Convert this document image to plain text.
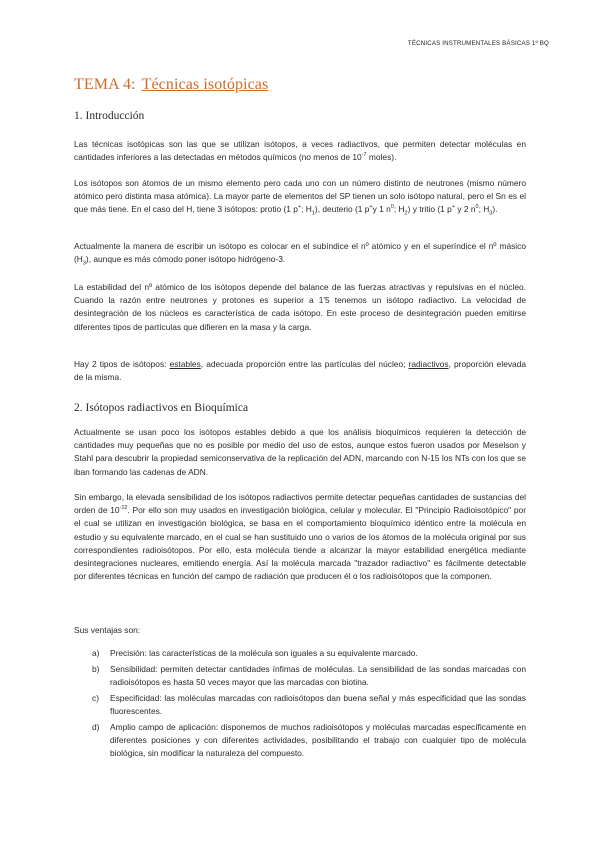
TÉCNICAS INSTRUMENTALES BÁSICAS 1º BQ
TEMA 4: Técnicas isotópicas
1. Introducción

Las técnicas isotópicas son las que se utilizan isótopos, a veces radiactivos, que permiten detectar moléculas en cantidades inferiores a las detectadas en métodos químicos (no menos de $10^{-7}$ moles).

Los isótopos son átomos de un mismo elemento pero cada uno con un número distinto de neutrones (mismo número atómico pero distinta masa atómica). La mayor parte de elementos del SP tienen un solo isótopo natural, pero el Sn es el que más tiene. En el caso del H, tiene 3 isótopos: protio (1 p+; $H_1$), deuterio (1 p+y 1 $n^0$; $H_2$) y tritio (1 p+ y 2 $n^0$; $H_3$).

Actualmente la manera de escribir un isótopo es colocar en el subíndice el nº atómico y en el superíndice el nº másico $(H_3)$, aunque es más cómodo poner isótopo hidrógeno-3.

La estabilidad del nº atómico de los isótopos depende del balance de las fuerzas atractivas y repulsivas en el núcleo. Cuando la razón entre neutrones y protones es superior a 1'5 tenemos un isótopo radiactivo. La velocidad de desintegración de los núcleos es característica de cada isótopo. En este proceso de desintegración pueden emitirse diferentes tipos de partículas que difieren en la masa y la carga.

Hay 2 tipos de isótopos: estables, adecuada proporción entre las partículas del núcleo; radiactivos, proporción elevada de la misma.

2. Isótopos radiactivos en Bioquímica

Actualmente se usan poco los isótopos estables debido a que los análisis bioquímicos requieren la detección de cantidades muy pequeñas que no es posible por medio del uso de estos, aunque estos fueron usados por Meselson y Stahl para descubrir la propiedad semiconservativa de la replicación del ADN, marcando con N-15 los NTs con los que se iban formando las cadenas de ADN.

Sin embargo, la elevada sensibilidad de los isótopos radiactivos permite detectar pequeñas cantidades de sustancias del orden de $10^{-12}$. Por ello son muy usados en investigación biológica, celular y molecular. El "Principio Radioisotópico" por el cual se utilizan en investigación biológica, se basa en el comportamiento bioquímico idéntico entre la molécula en estudio y su equivalente marcado, en el cual se han sustituido uno o varios de los átomos de la molécula original por sus correspondientes radioisótopos. Por ello, esta molécula tiende a alcanzar la mayor estabilidad energética mediante desintegraciones nucleares, emitiendo energía. Así la molécula marcada "trazador radiactivo" es fácilmente detectable por diferentes técnicas en función del campo de radiación que producen él o los radioisótopos que la componen.

Sus ventajas son:

a) Precisión: las características de la molécula son iguales a su equivalente marcado.
b) Sensibilidad: permiten detectar cantidades ínfimas de moléculas. La sensibilidad de las sondas marcadas con radioisótopos es hasta 50 veces mayor que las marcadas con biotina.
c) Especificidad: las moléculas marcadas con radioisótopos dan buena señal y más especificidad que las sondas fluorescentes.
d) Amplio campo de aplicación: disponemos de muchos radioisótopos y moléculas marcadas específicamente en diferentes posiciones y con diferentes actividades, posibilitando el trabajo con cualquier tipo de molécula biológica, sin modificar la naturaleza del compuesto.
